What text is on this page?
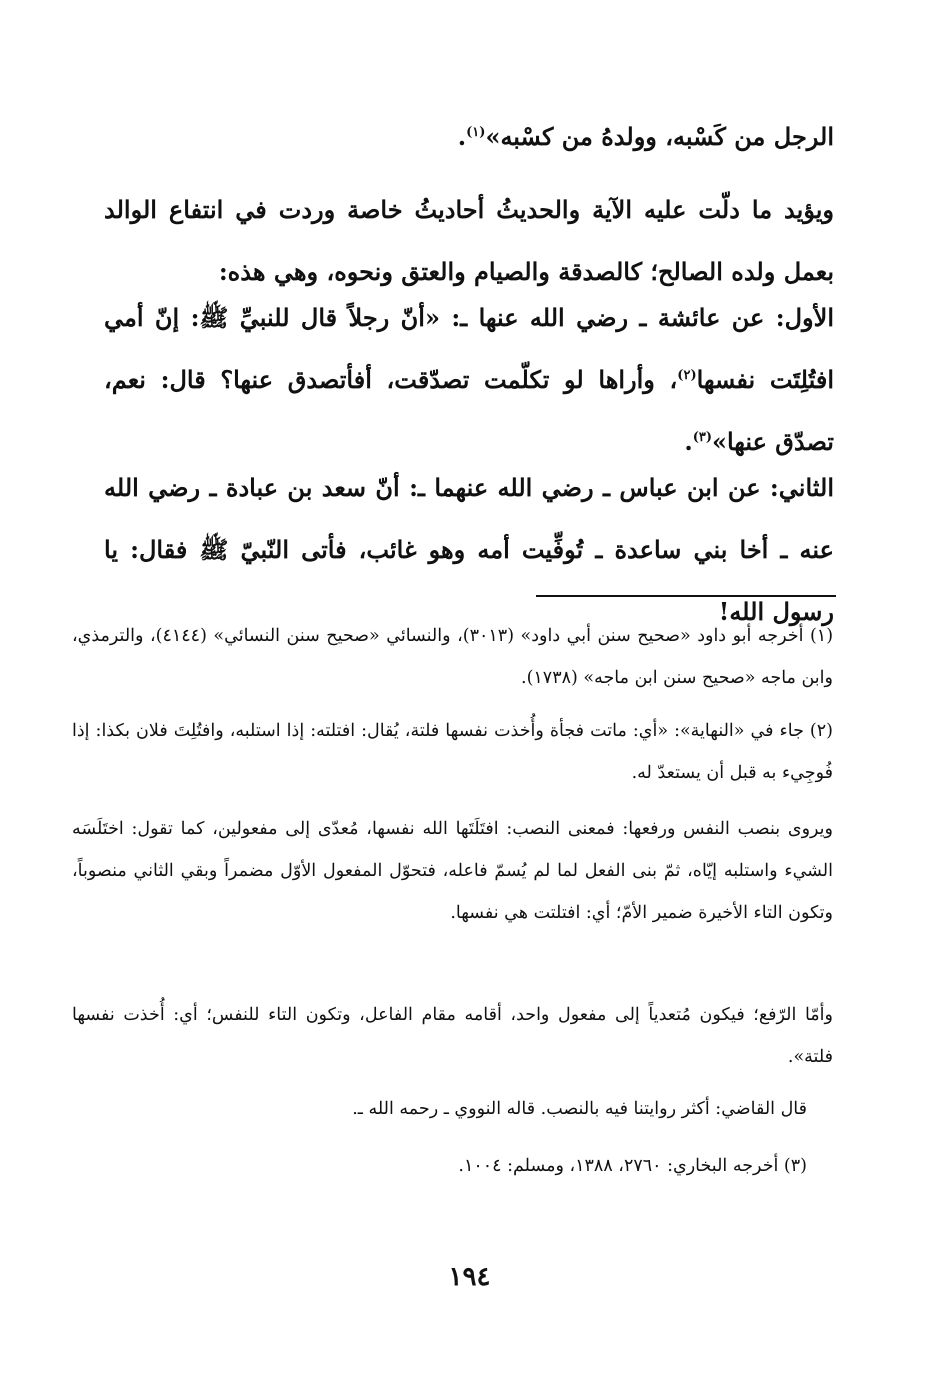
الرجل من كَسْبه، وولدهُ من كسْبه»$^{(١)}$.

ويؤيد ما دلّت عليه الآية والحديثُ أحاديثُ خاصة وردت في انتفاع الوالد بعمل ولده الصالح؛ كالصدقة والصيام والعتق ونحوه، وهي هذه:

الأول: عن عائشة ـ رضي الله عنها ـ: «أنّ رجلاً قال للنبيِّ ﷺ: إنّ أمي افتُلِتَت نفسها$^{(٢)}$، وأراها لو تكلّمت تصدّقت، أفأتصدق عنها؟ قال: نعم، تصدّق عنها»$^{(٣)}$.

الثاني: عن ابن عباس ـ رضي الله عنهما ـ: أنّ سعد بن عبادة ـ رضي الله عنه ـ أخا بني ساعدة ـ تُوفِّيت أمه وهو غائب، فأتى النّبيّ ﷺ فقال: يا رسول الله!

(١) أخرجه أبو داود «صحيح سنن أبي داود» (٣٠١٣)، والنسائي «صحيح سنن النسائي» (٤١٤٤)، والترمذي، وابن ماجه «صحيح سنن ابن ماجه» (١٧٣٨).

(٢) جاء في «النهاية»: «أي: ماتت فجأة وأُخذت نفسها فلتة، يُقال: افتلته: إذا استلبه، وافتُلِتَ فلان بكذا: إذا فُوجِيء به قبل أن يستعدّ له.

ويروى بنصب النفس ورفعها: فمعنى النصب: افتَلَتَها الله نفسها، مُعدّى إلى مفعولين، كما تقول: اختَلَسَه الشيء واستلبه إيّاه، ثمّ بنى الفعل لما لم يُسمّ فاعله، فتحوّل المفعول الأوّل مضمراً وبقي الثاني منصوباً، وتكون التاء الأخيرة ضمير الأمّ؛ أي: افتلتت هي نفسها.

وأمّا الرّفع؛ فيكون مُتعدياً إلى مفعول واحد، أقامه مقام الفاعل، وتكون التاء للنفس؛ أي: أُخذت نفسها فلتة».

قال القاضي: أكثر روايتنا فيه بالنصب. قاله النووي ـ رحمه الله ـ.

(٣) أخرجه البخاري: ٢٧٦٠، ١٣٨٨، ومسلم: ١٠٠٤.

١٩٤
